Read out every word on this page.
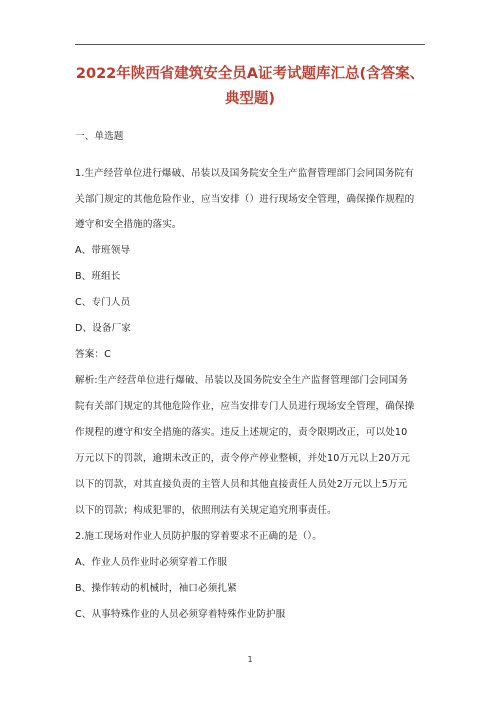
2022年陕西省建筑安全员A证考试题库汇总(含答案、
典型题)
一、单选题
1.生产经营单位进行爆破、吊装以及国务院安全生产监督管理部门会同国务院有
关部门规定的其他危险作业，应当安排（）进行现场安全管理，确保操作规程的
遵守和安全措施的落实。
A、带班领导
B、班组长
C、专门人员
D、设备厂家
答案：C
解析:生产经营单位进行爆破、吊装以及国务院安全生产监督管理部门会同国务
院有关部门规定的其他危险作业，应当安排专门人员进行现场安全管理，确保操
作规程的遵守和安全措施的落实。违反上述规定的，责令限期改正，可以处10
万元以下的罚款，逾期未改正的，责令停产停业整顿，并处10万元以上20万元
以下的罚款，对其直接负责的主管人员和其他直接责任人员处2万元以上5万元
以下的罚款；构成犯罪的，依照刑法有关规定追究刑事责任。
2.施工现场对作业人员防护服的穿着要求不正确的是（）。
A、作业人员作业时必须穿着工作服
B、操作转动的机械时，袖口必须扎紧
C、从事特殊作业的人员必须穿着特殊作业防护服
1
